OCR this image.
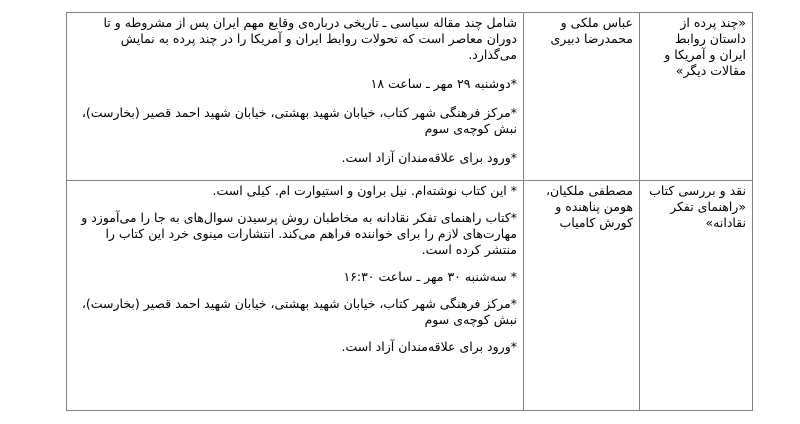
«چند پرده از داستان روابط ایران و آمریکا و مقالات دیگر»	عباس ملکی و محمدرضا دبیری	شامل چند مقاله سیاسی ـ تاریخی درباره‌ی وقایع مهم ایران پس از مشروطه و تا دوران معاصر است که تحولات روابط ایران و آمریکا را در چند پرده به نمایش می‌گذارد.

*دوشنبه ۲۹ مهر ـ ساعت ۱۸

*مرکز فرهنگی شهر کتاب، خیابان شهید بهشتی، خیابان شهید احمد قصیر (بخارست)، نبش کوچه‌ی سوم

*ورود برای علاقه‌مندان آزاد است.

نقد و بررسی کتاب «راهنمای تفکر نقادانه»	مصطفی ملکیان، هومن پناهنده و کورش کامیاب	* این کتاب نوشته‌ام. نیل براون و استیوارت ام. کیلی است.

*کتاب راهنمای تفکر نقادانه به مخاطبان روش پرسیدن سوال‌های به جا را می‌آموزد و مهارت‌های لازم را برای خواننده فراهم می‌کند. انتشارات مینوی خرد این کتاب را منتشر کرده است.

* سه‌شنبه ۳۰ مهر ـ ساعت ۱۶:۳۰

*مرکز فرهنگی شهر کتاب، خیابان شهید بهشتی، خیابان شهید احمد قصیر (بخارست)، نبش کوچه‌ی سوم

*ورود برای علاقه‌مندان آزاد است.
